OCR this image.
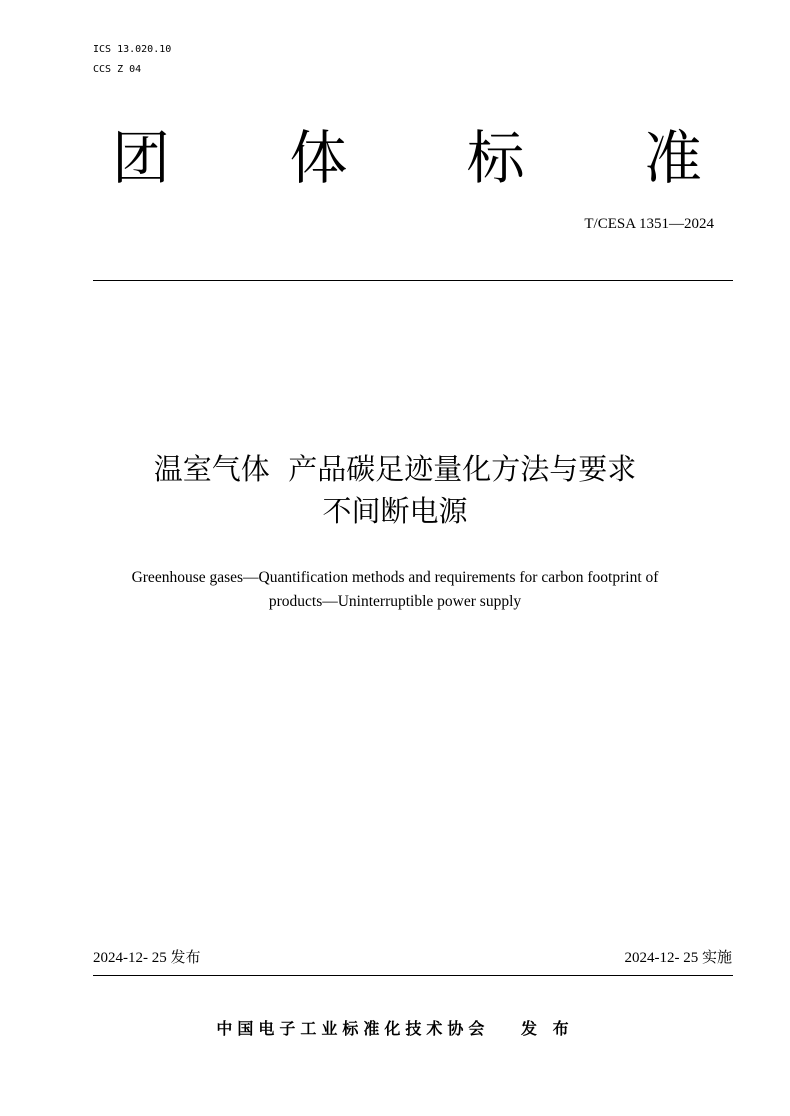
ICS 13.020.10
CCS Z 04
团 体 标 准
T/CESA 1351—2024
温室气体  产品碳足迹量化方法与要求
不间断电源
Greenhouse gases—Quantification methods and requirements for carbon footprint of
products—Uninterruptible power supply
2024-12- 25 发布	2024-12- 25 实施
中国电子工业标准化技术协会   发 布
